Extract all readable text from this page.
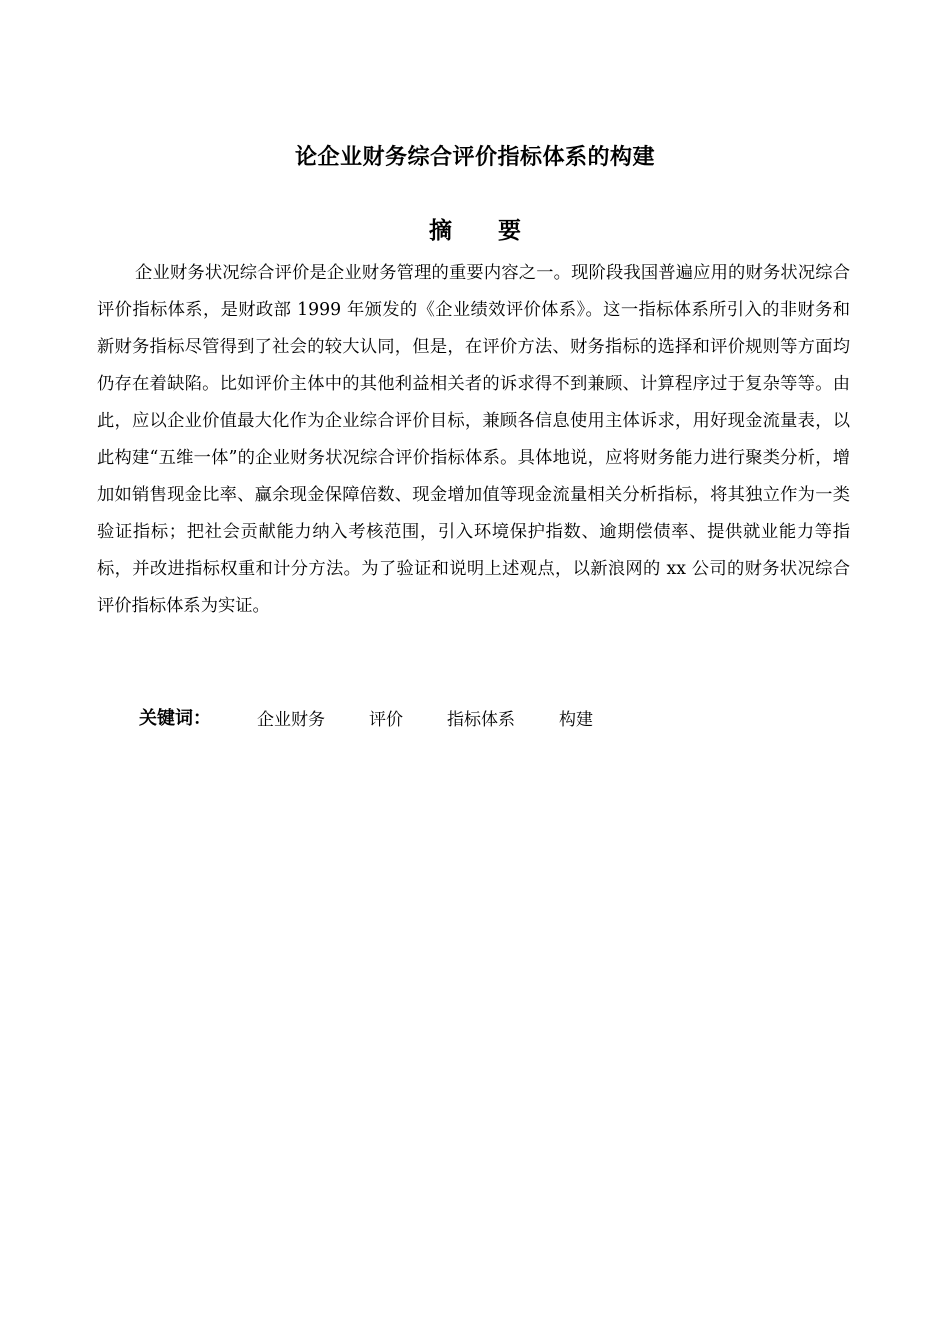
论企业财务综合评价指标体系的构建
摘 要

企业财务状况综合评价是企业财务管理的重要内容之一。现阶段我国普遍应用的财务状况综合评价指标体系，是财政部 1999 年颁发的《企业绩效评价体系》。这一指标体系所引入的非财务和新财务指标尽管得到了社会的较大认同，但是，在评价方法、财务指标的选择和评价规则等方面均仍存在着缺陷。比如评价主体中的其他利益相关者的诉求得不到兼顾、计算程序过于复杂等等。由此，应以企业价值最大化作为企业综合评价目标，兼顾各信息使用主体诉求，用好现金流量表，以此构建“五维一体”的企业财务状况综合评价指标体系。具体地说，应将财务能力进行聚类分析，增加如销售现金比率、赢余现金保障倍数、现金增加值等现金流量相关分析指标，将其独立作为一类验证指标；把社会贡献能力纳入考核范围，引入环境保护指数、逾期偿债率、提供就业能力等指标，并改进指标权重和计分方法。为了验证和说明上述观点，以新浪网的 xx 公司的财务状况综合评价指标体系为实证。

关键词：	企业财务	评价	指标体系	构建
